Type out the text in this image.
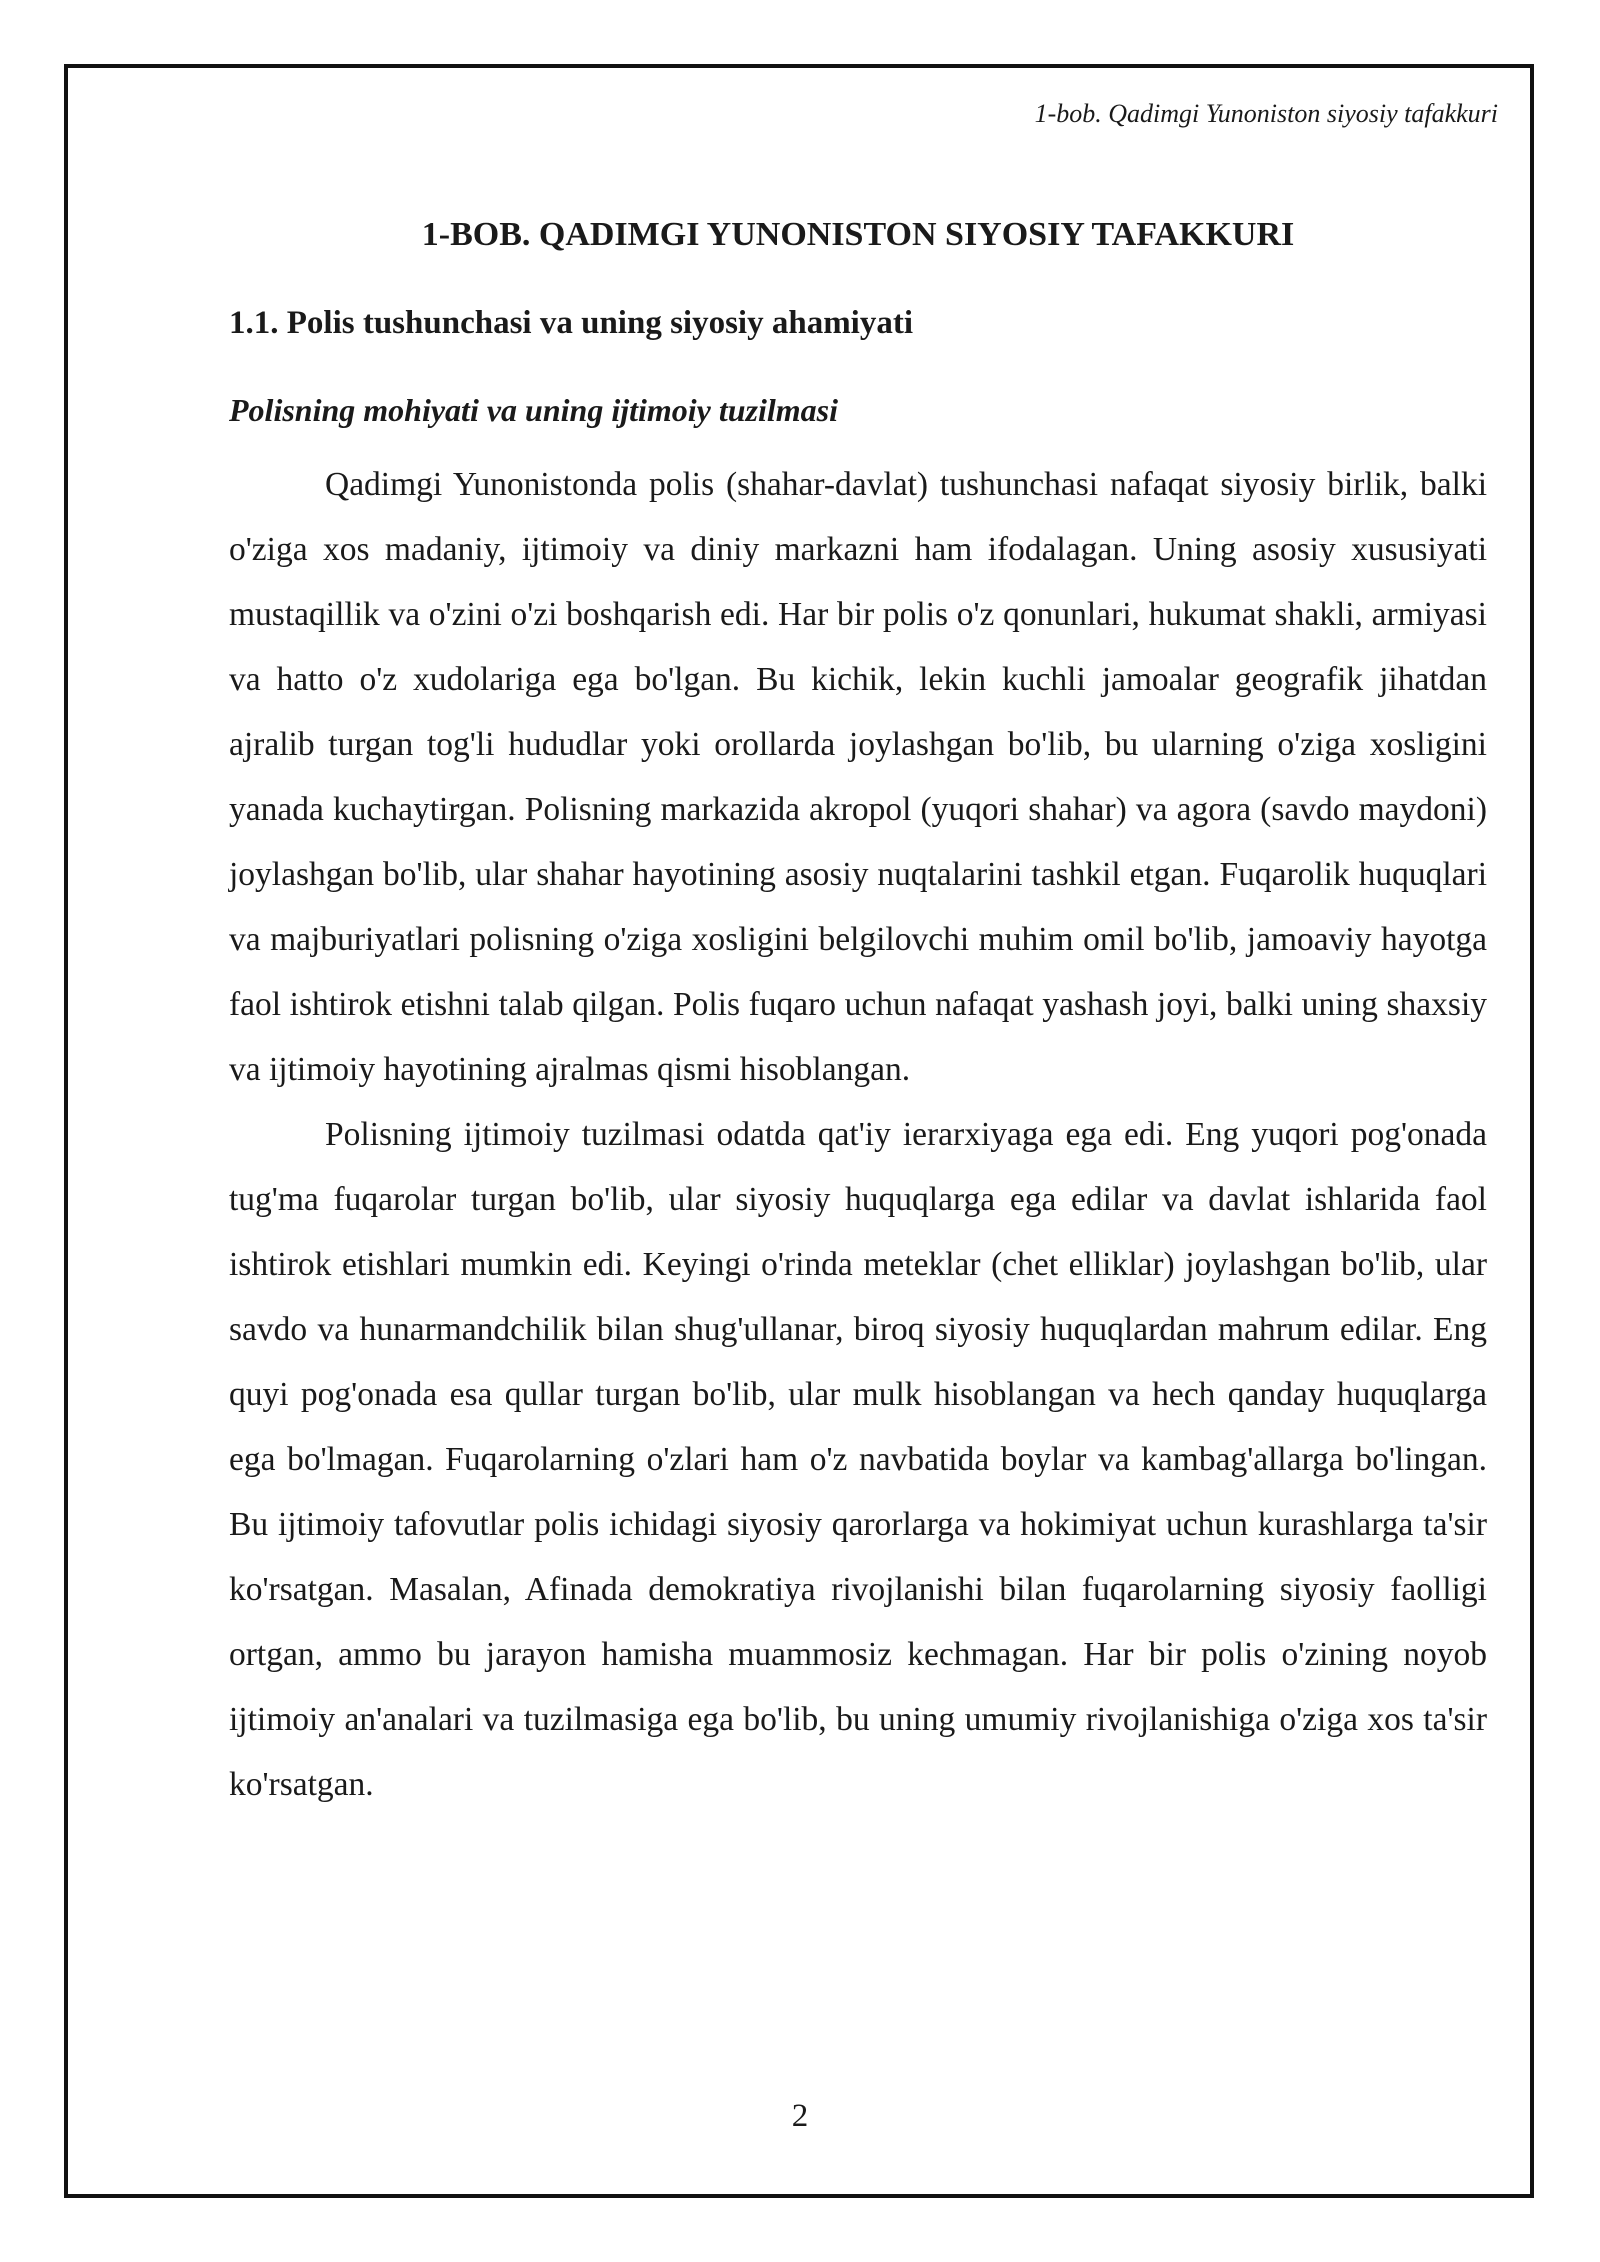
1-bob. Qadimgi Yunoniston siyosiy tafakkuri
1-BOB. QADIMGI YUNONISTON SIYOSIY TAFAKKURI
1.1. Polis tushunchasi va uning siyosiy ahamiyati
Polisning mohiyati va uning ijtimoiy tuzilmasi

Qadimgi Yunonistonda polis (shahar-davlat) tushunchasi nafaqat siyosiy birlik, balki o'ziga xos madaniy, ijtimoiy va diniy markazni ham ifodalagan. Uning asosiy xususiyati mustaqillik va o'zini o'zi boshqarish edi. Har bir polis o'z qonunlari, hukumat shakli, armiyasi va hatto o'z xudolariga ega bo'lgan. Bu kichik, lekin kuchli jamoalar geografik jihatdan ajralib turgan tog'li hududlar yoki orollarda joylashgan bo'lib, bu ularning o'ziga xosligini yanada kuchaytirgan. Polisning markazida akropol (yuqori shahar) va agora (savdo maydoni) joylashgan bo'lib, ular shahar hayotining asosiy nuqtalarini tashkil etgan. Fuqarolik huquqlari va majburiyatlari polisning o'ziga xosligini belgilovchi muhim omil bo'lib, jamoaviy hayotga faol ishtirok etishni talab qilgan. Polis fuqaro uchun nafaqat yashash joyi, balki uning shaxsiy va ijtimoiy hayotining ajralmas qismi hisoblangan.

Polisning ijtimoiy tuzilmasi odatda qat'iy ierarxiyaga ega edi. Eng yuqori pog'onada tug'ma fuqarolar turgan bo'lib, ular siyosiy huquqlarga ega edilar va davlat ishlarida faol ishtirok etishlari mumkin edi. Keyingi o'rinda meteklar (chet elliklar) joylashgan bo'lib, ular savdo va hunarmandchilik bilan shug'ullanar, biroq siyosiy huquqlardan mahrum edilar. Eng quyi pog'onada esa qullar turgan bo'lib, ular mulk hisoblangan va hech qanday huquqlarga ega bo'lmagan. Fuqarolarning o'zlari ham o'z navbatida boylar va kambag'allarga bo'lingan. Bu ijtimoiy tafovutlar polis ichidagi siyosiy qarorlarga va hokimiyat uchun kurashlarga ta'sir ko'rsatgan. Masalan, Afinada demokratiya rivojlanishi bilan fuqarolarning siyosiy faolligi ortgan, ammo bu jarayon hamisha muammosiz kechmagan. Har bir polis o'zining noyob ijtimoiy an'analari va tuzilmasiga ega bo'lib, bu uning umumiy rivojlanishiga o'ziga xos ta'sir ko'rsatgan.

2
